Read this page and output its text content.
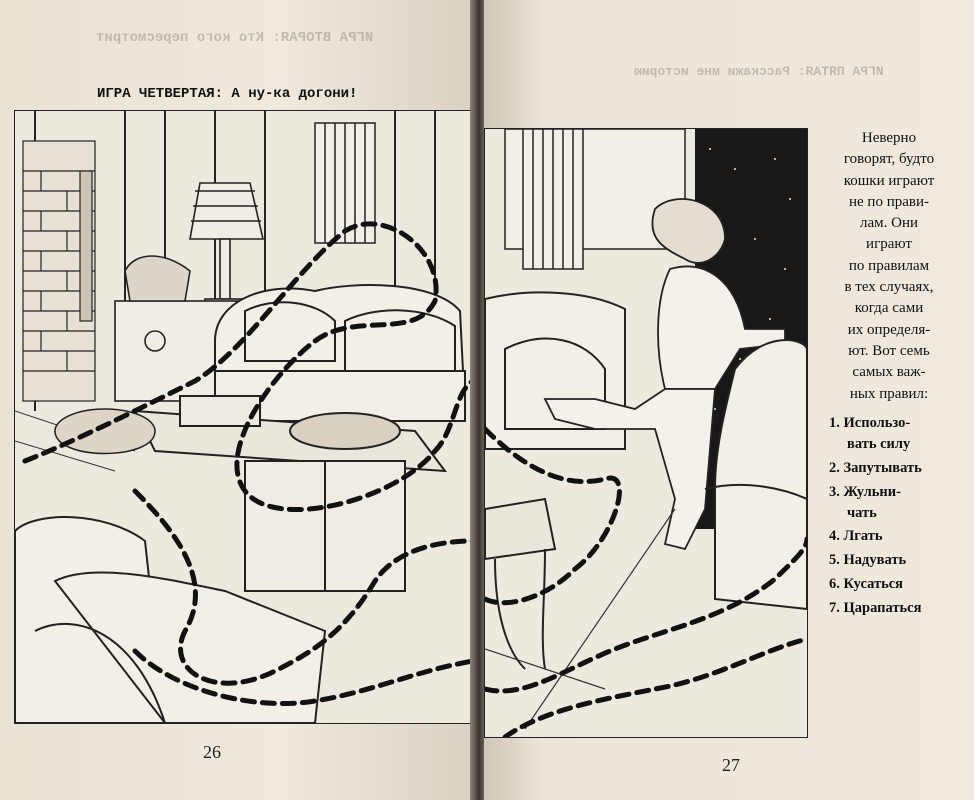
ИГРА ВТОРАЯ: Кто кого пересмотрит
ИГРА ЧЕТВЕРТАЯ: А ну-ка догони!
26
ИГРА ПЯТАЯ: Расскажи мне историю
Неверно
говорят, будто
кошки играют
не по прави-
лам. Они
играют
по правилам
в тех случаях,
когда сами
их определя-
ют. Вот семь
самых важ-
ных правил:
1. Использо-
вать силу
2. Запутывать
3. Жульни-
чать
4. Лгать
5. Надувать
6. Кусаться
7. Царапаться
27
